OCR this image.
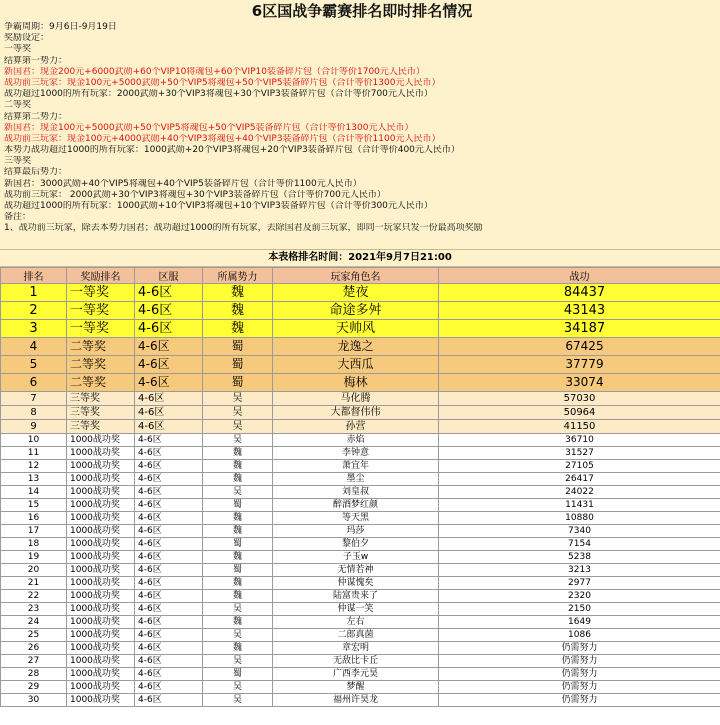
6区国战争霸赛排名即时排名情况
争霸周期：9月6日-9月19日
奖励设定：
一等奖
结算第一势力：
新国君：现金200元+6000武勋+60个VIP10将魂包+60个VIP10装备碎片包（合计等价1700元人民币）
战功前三玩家：现金100元+5000武勋+50个VIP5将魂包+50个VIP5装备碎片包（合计等价1300元人民币）
战功超过1000的所有玩家：2000武勋+30个VIP3将魂包+30个VIP3装备碎片包（合计等价700元人民币）
二等奖
结算第二势力：
新国君：现金100元+5000武勋+50个VIP5将魂包+50个VIP5装备碎片包（合计等价1300元人民币）
战功前三玩家：现金100元+4000武勋+40个VIP3将魂包+40个VIP3装备碎片包（合计等价1100元人民币）
本势力战功超过1000的所有玩家：1000武勋+20个VIP3将魂包+20个VIP3装备碎片包（合计等价400元人民币）
三等奖
结算最后势力：
新国君：3000武勋+40个VIP5将魂包+40个VIP5装备碎片包（合计等价1100元人民币）
战功前三玩家： 2000武勋+30个VIP3将魂包+30个VIP3装备碎片包（合计等价700元人民币）
战功超过1000的所有玩家：1000武勋+10个VIP3将魂包+10个VIP3装备碎片包（合计等价300元人民币）
备注：
1、战功前三玩家，除去本势力国君；战功超过1000的所有玩家，去除国君及前三玩家，即同一玩家只发一份最高项奖励
本表格排名时间：2021年9月7日21:00
排名	奖励排名	区服	所属势力	玩家角色名	战功
1	一等奖	4-6区	魏	楚夜	84437
2	一等奖	4-6区	魏	命途多舛	43143
3	一等奖	4-6区	魏	天帅风	34187
4	二等奖	4-6区	蜀	龙逸之	67425
5	二等奖	4-6区	蜀	大西瓜	37779
6	二等奖	4-6区	蜀	梅林	33074
7	三等奖	4-6区	吴	马化腾	57030
8	三等奖	4-6区	吴	大都督伟伟	50964
9	三等奖	4-6区	吴	孙营	41150
10	1000战功奖	4-6区	吴	赤焰	36710
11	1000战功奖	4-6区	魏	李钟意	31527
12	1000战功奖	4-6区	魏	萧宜年	27105
13	1000战功奖	4-6区	魏	墨尘	26417
14	1000战功奖	4-6区	吴	刘皇叔	24022
15	1000战功奖	4-6区	蜀	醉酒梦红颜	11431
16	1000战功奖	4-6区	魏	等天黑	10880
17	1000战功奖	4-6区	魏	玛莎	7340
18	1000战功奖	4-6区	蜀	黎伯夕	7154
19	1000战功奖	4-6区	魏	子玉w	5238
20	1000战功奖	4-6区	蜀	无情若神	3213
21	1000战功奖	4-6区	魏	仲谋愧矣	2977
22	1000战功奖	4-6区	魏	陆富贵来了	2320
23	1000战功奖	4-6区	吴	仲谋一笑	2150
24	1000战功奖	4-6区	魏	左右	1649
25	1000战功奖	4-6区	吴	二郎真菌	1086
26	1000战功奖	4-6区	魏	章宏明	仍需努力
27	1000战功奖	4-6区	吴	无敌比卡丘	仍需努力
28	1000战功奖	4-6区	蜀	广西李元昊	仍需努力
29	1000战功奖	4-6区	吴	梦醒	仍需努力
30	1000战功奖	4-6区	吴	福州许昊龙	仍需努力
